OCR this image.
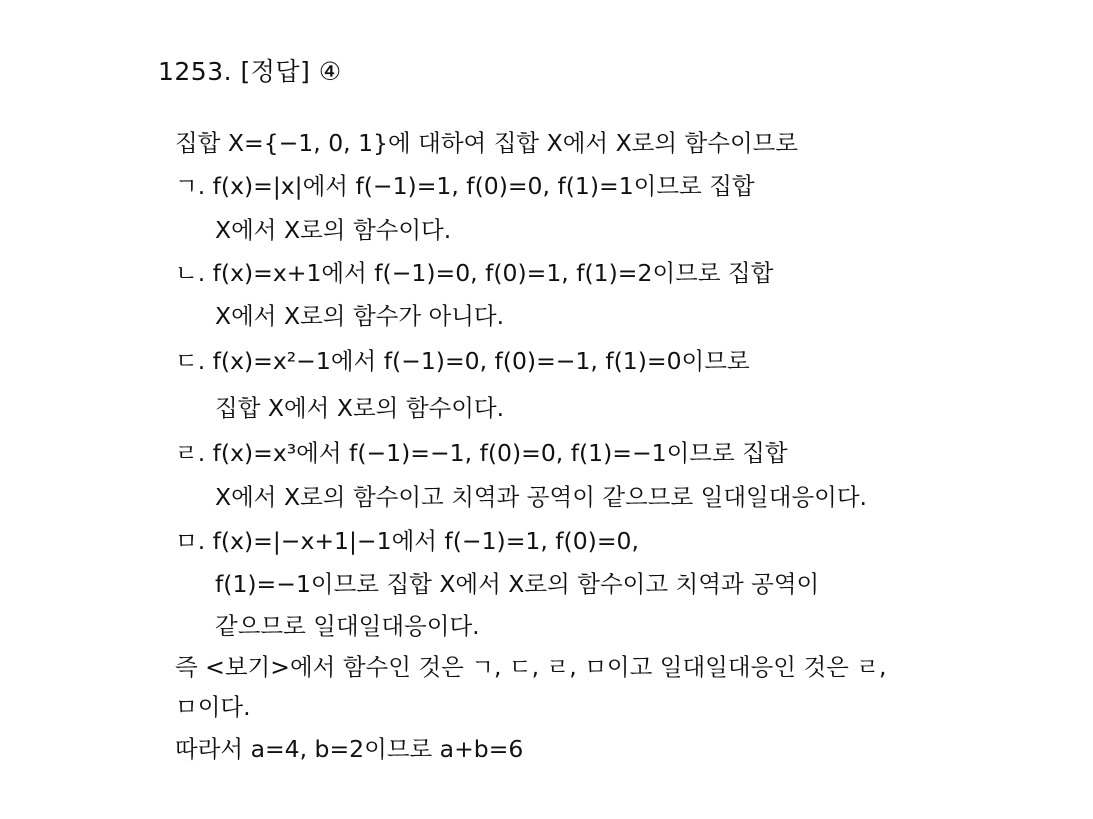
1253. [정답] ④
집합 X={−1, 0, 1}에 대하여 집합 X에서 X로의 함수이므로
ㄱ. f(x)=|x|에서 f(−1)=1, f(0)=0, f(1)=1이므로 집합
X에서 X로의 함수이다.
ㄴ. f(x)=x+1에서 f(−1)=0, f(0)=1, f(1)=2이므로 집합
X에서 X로의 함수가 아니다.
ㄷ. f(x)=x²−1에서 f(−1)=0, f(0)=−1, f(1)=0이므로
집합 X에서 X로의 함수이다.
ㄹ. f(x)=x³에서 f(−1)=−1, f(0)=0, f(1)=−1이므로 집합
X에서 X로의 함수이고 치역과 공역이 같으므로 일대일대응이다.
ㅁ. f(x)=|−x+1|−1에서 f(−1)=1, f(0)=0,
f(1)=−1이므로 집합 X에서 X로의 함수이고 치역과 공역이
같으므로 일대일대응이다.
즉 <보기>에서 함수인 것은 ㄱ, ㄷ, ㄹ, ㅁ이고 일대일대응인 것은 ㄹ,
ㅁ이다.
따라서 a=4, b=2이므로 a+b=6
